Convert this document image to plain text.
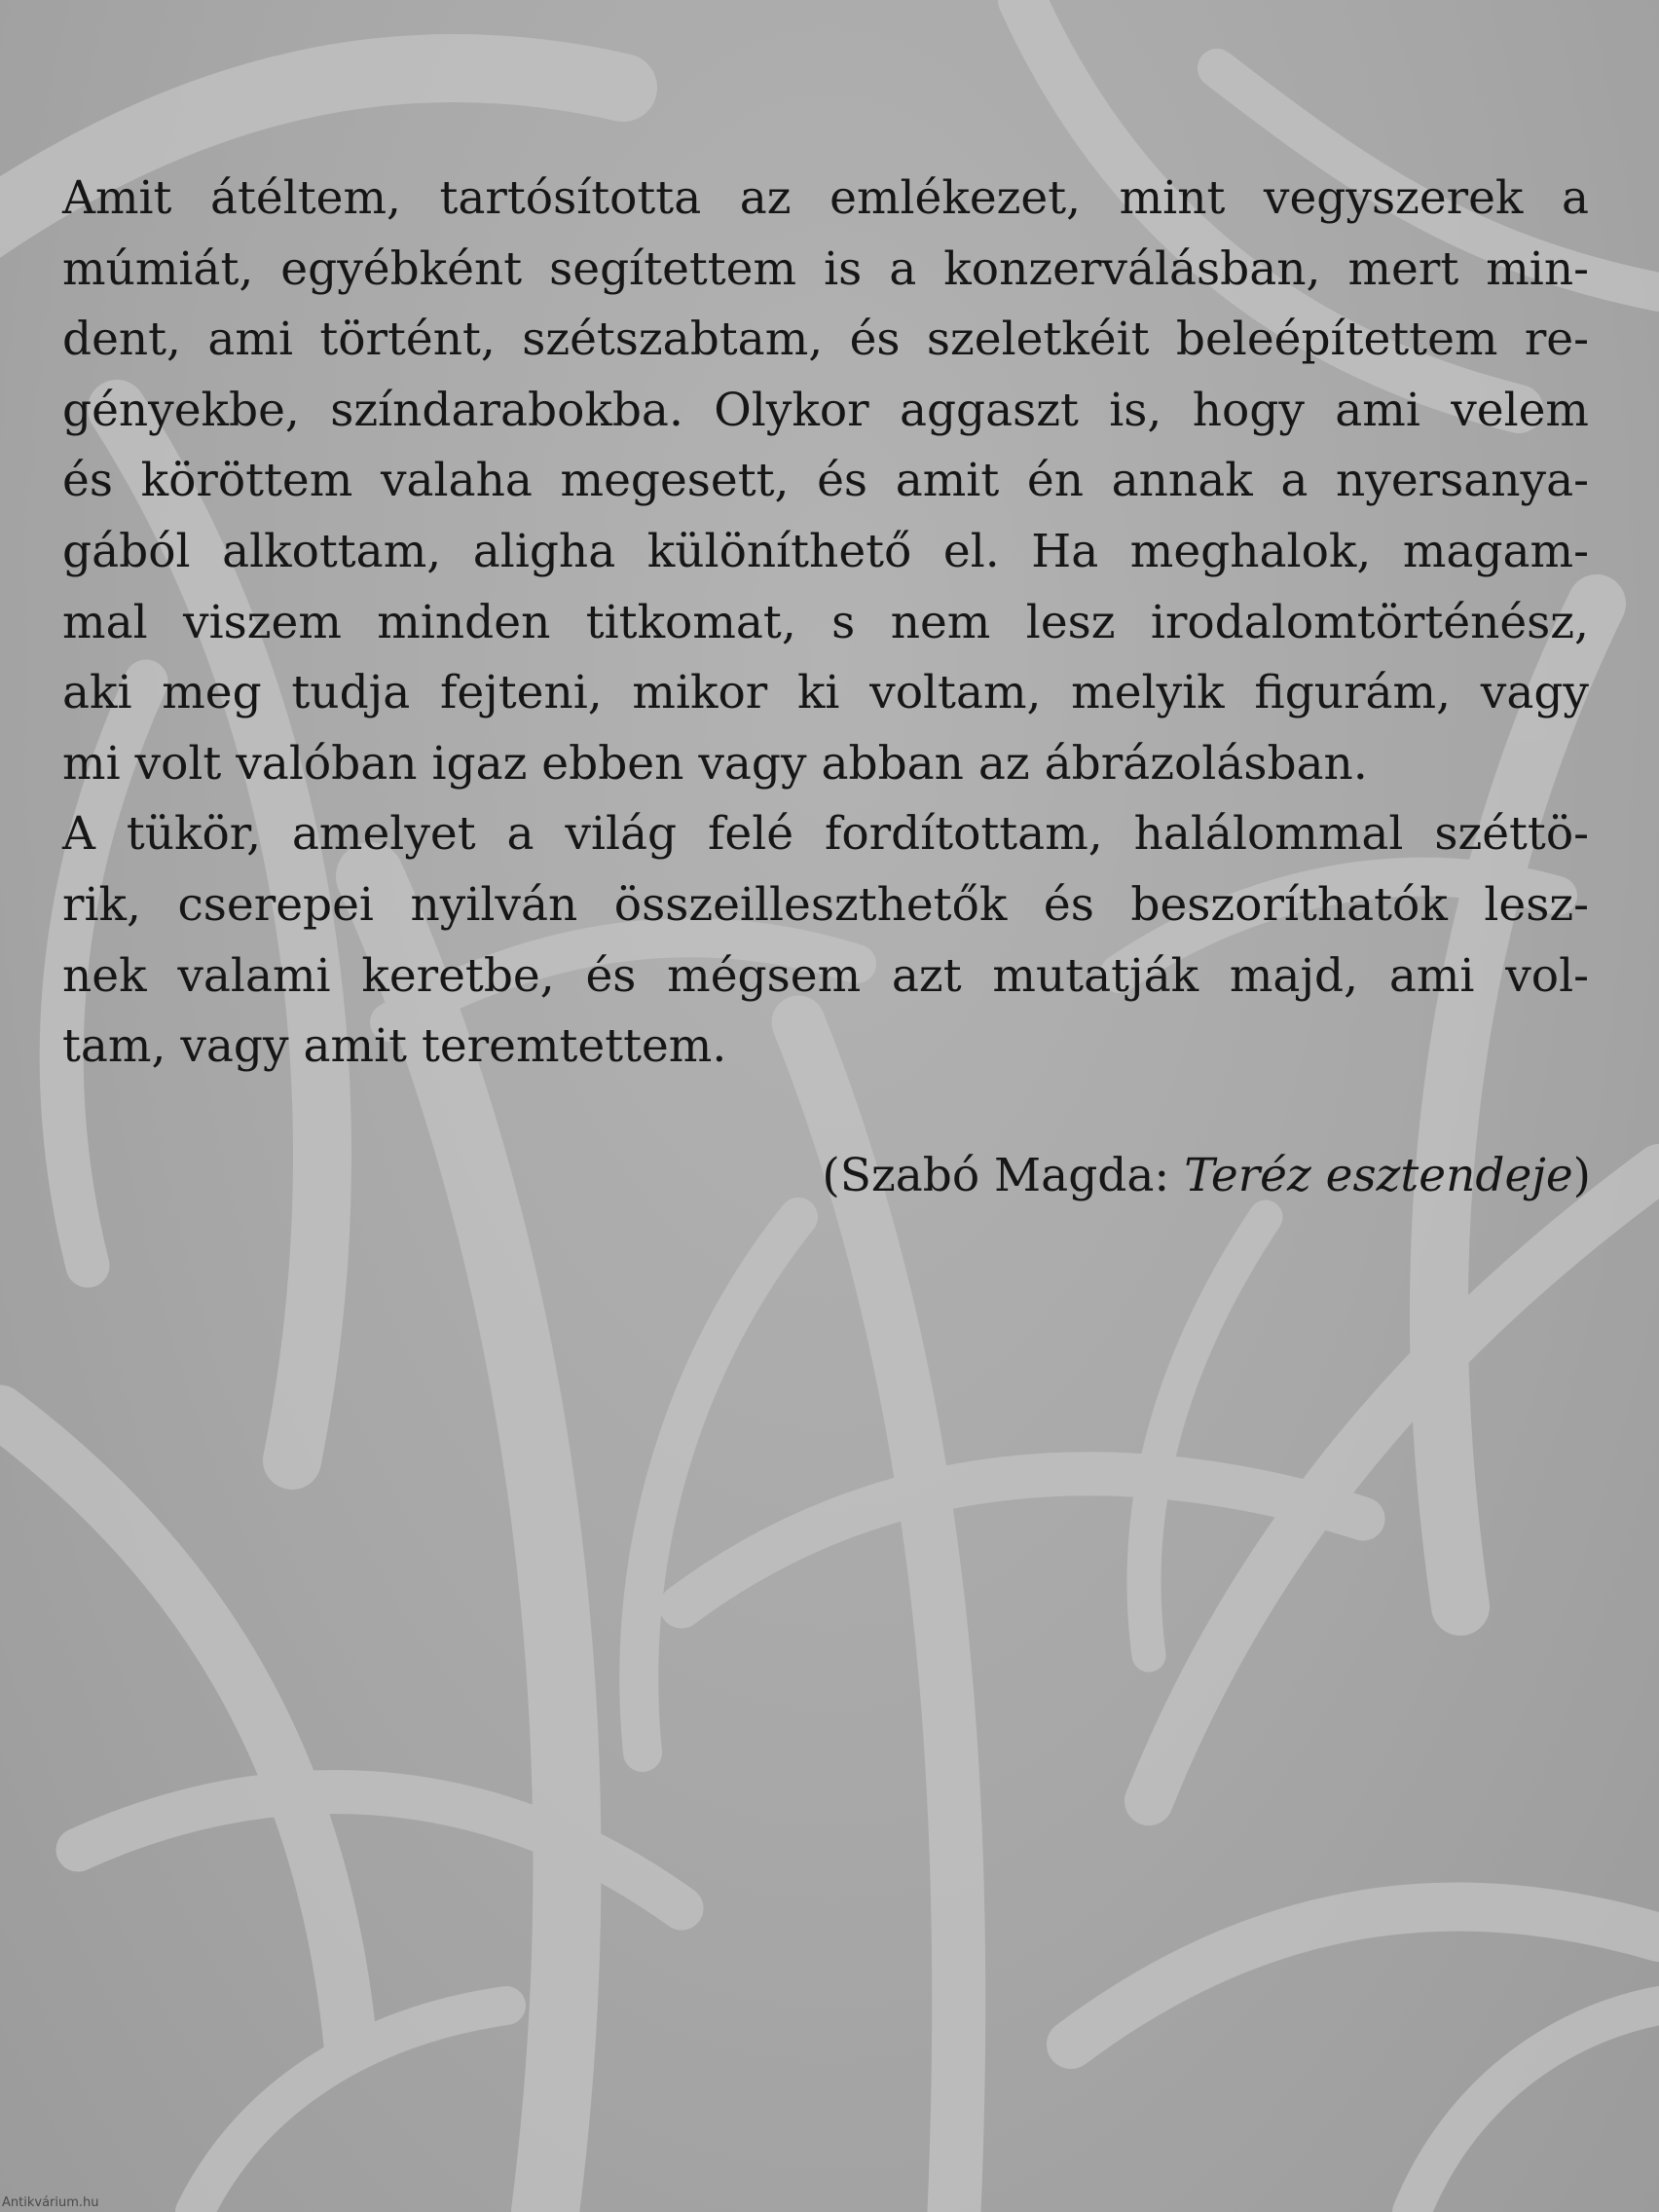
Amit átéltem, tartósította az emlékezet, mint vegyszerek a
múmiát, egyébként segítettem is a konzerválásban, mert min-
dent, ami történt, szétszabtam, és szeletkéit beleépítettem re-
gényekbe, színdarabokba. Olykor aggaszt is, hogy ami velem
és köröttem valaha megesett, és amit én annak a nyersanya-
gából alkottam, aligha különíthető el. Ha meghalok, magam-
mal viszem minden titkomat, s nem lesz irodalomtörténész,
aki meg tudja fejteni, mikor ki voltam, melyik figurám, vagy
mi volt valóban igaz ebben vagy abban az ábrázolásban.
A tükör, amelyet a világ felé fordítottam, halálommal széttö-
rik, cserepei nyilván összeilleszthetők és beszoríthatók lesz-
nek valami keretbe, és mégsem azt mutatják majd, ami vol-
tam, vagy amit teremtettem.
(Szabó Magda: Teréz esztendeje)
Antikvárium.hu
